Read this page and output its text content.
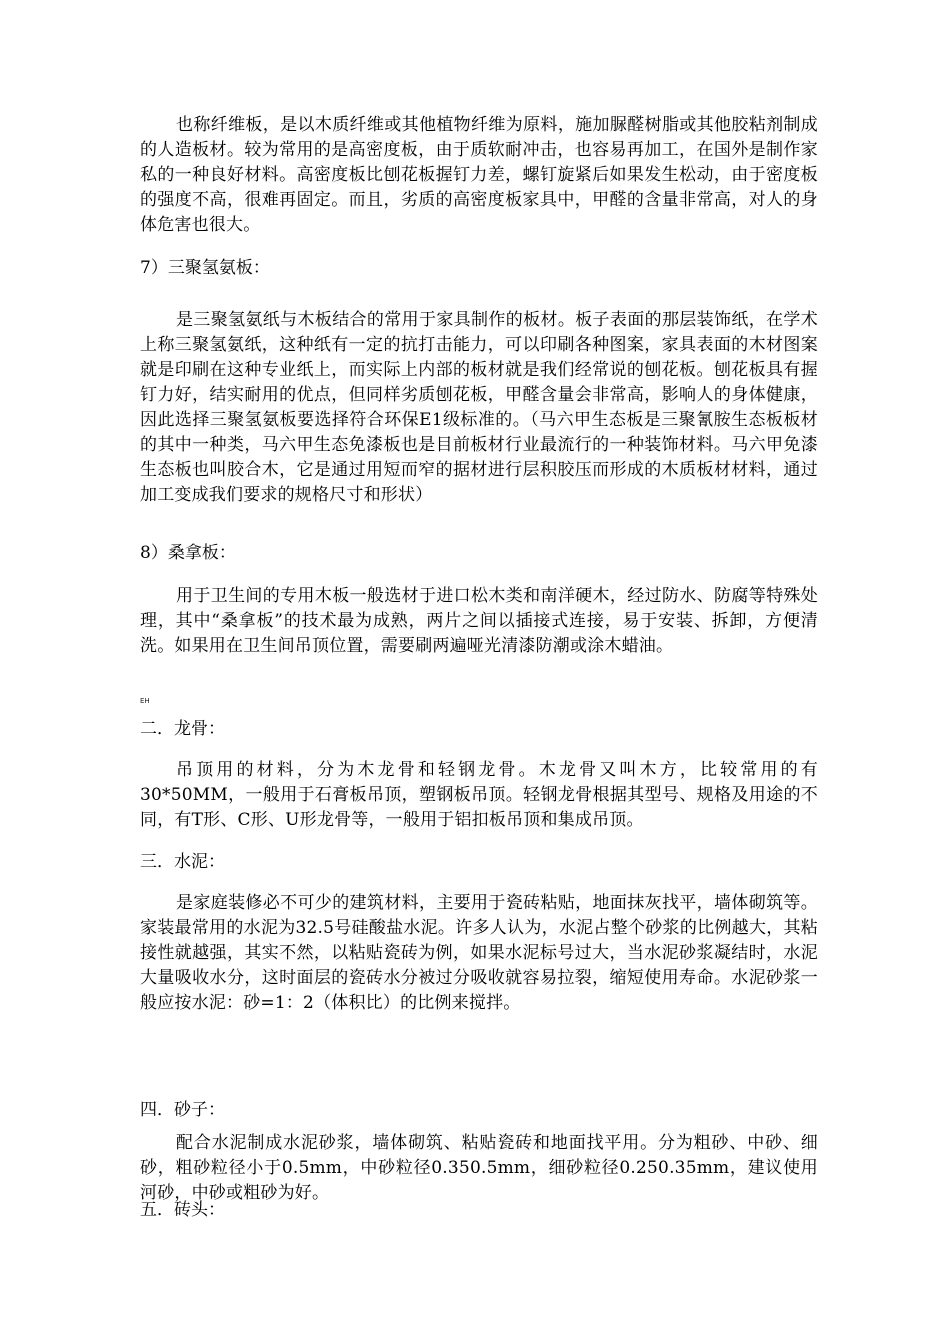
也称纤维板，是以木质纤维或其他植物纤维为原料，施加脲醛树脂或其他胶粘剂制成的人造板材。较为常用的是高密度板，由于质软耐冲击，也容易再加工，在国外是制作家私的一种良好材料。高密度板比刨花板握钉力差，螺钉旋紧后如果发生松动，由于密度板的强度不高，很难再固定。而且，劣质的高密度板家具中，甲醛的含量非常高，对人的身体危害也很大。

7）三聚氢氨板：

是三聚氢氨纸与木板结合的常用于家具制作的板材。板子表面的那层装饰纸，在学术上称三聚氢氨纸，这种纸有一定的抗打击能力，可以印刷各种图案，家具表面的木材图案就是印刷在这种专业纸上，而实际上内部的板材就是我们经常说的刨花板。刨花板具有握钉力好，结实耐用的优点，但同样劣质刨花板，甲醛含量会非常高，影响人的身体健康，因此选择三聚氢氨板要选择符合环保E1级标准的。（马六甲生态板是三聚氰胺生态板板材的其中一种类，马六甲生态免漆板也是目前板材行业最流行的一种装饰材料。马六甲免漆生态板也叫胶合木，它是通过用短而窄的据材进行层积胶压而形成的木质板材材料，通过加工变成我们要求的规格尺寸和形状）

8）桑拿板：

用于卫生间的专用木板一般选材于进口松木类和南洋硬木，经过防水、防腐等特殊处理，其中“桑拿板”的技术最为成熟，两片之间以插接式连接，易于安装、拆卸，方便清洗。如果用在卫生间吊顶位置，需要刷两遍哑光清漆防潮或涂木蜡油。

EH

二．龙骨：

吊顶用的材料，分为木龙骨和轻钢龙骨。木龙骨又叫木方，比较常用的有30*50MM，一般用于石膏板吊顶，塑钢板吊顶。轻钢龙骨根据其型号、规格及用途的不同，有T形、C形、U形龙骨等，一般用于铝扣板吊顶和集成吊顶。

三．水泥：

是家庭装修必不可少的建筑材料，主要用于瓷砖粘贴，地面抹灰找平，墙体砌筑等。家装最常用的水泥为32.5号硅酸盐水泥。许多人认为，水泥占整个砂浆的比例越大，其粘接性就越强，其实不然，以粘贴瓷砖为例，如果水泥标号过大，当水泥砂浆凝结时，水泥大量吸收水分，这时面层的瓷砖水分被过分吸收就容易拉裂，缩短使用寿命。水泥砂浆一般应按水泥：砂=1：2（体积比）的比例来搅拌。

四．砂子：

配合水泥制成水泥砂浆，墙体砌筑、粘贴瓷砖和地面找平用。分为粗砂、中砂、细砂，粗砂粒径小于0.5mm，中砂粒径0.350.5mm，细砂粒径0.250.35mm，建议使用河砂，中砂或粗砂为好。

五．砖头：
